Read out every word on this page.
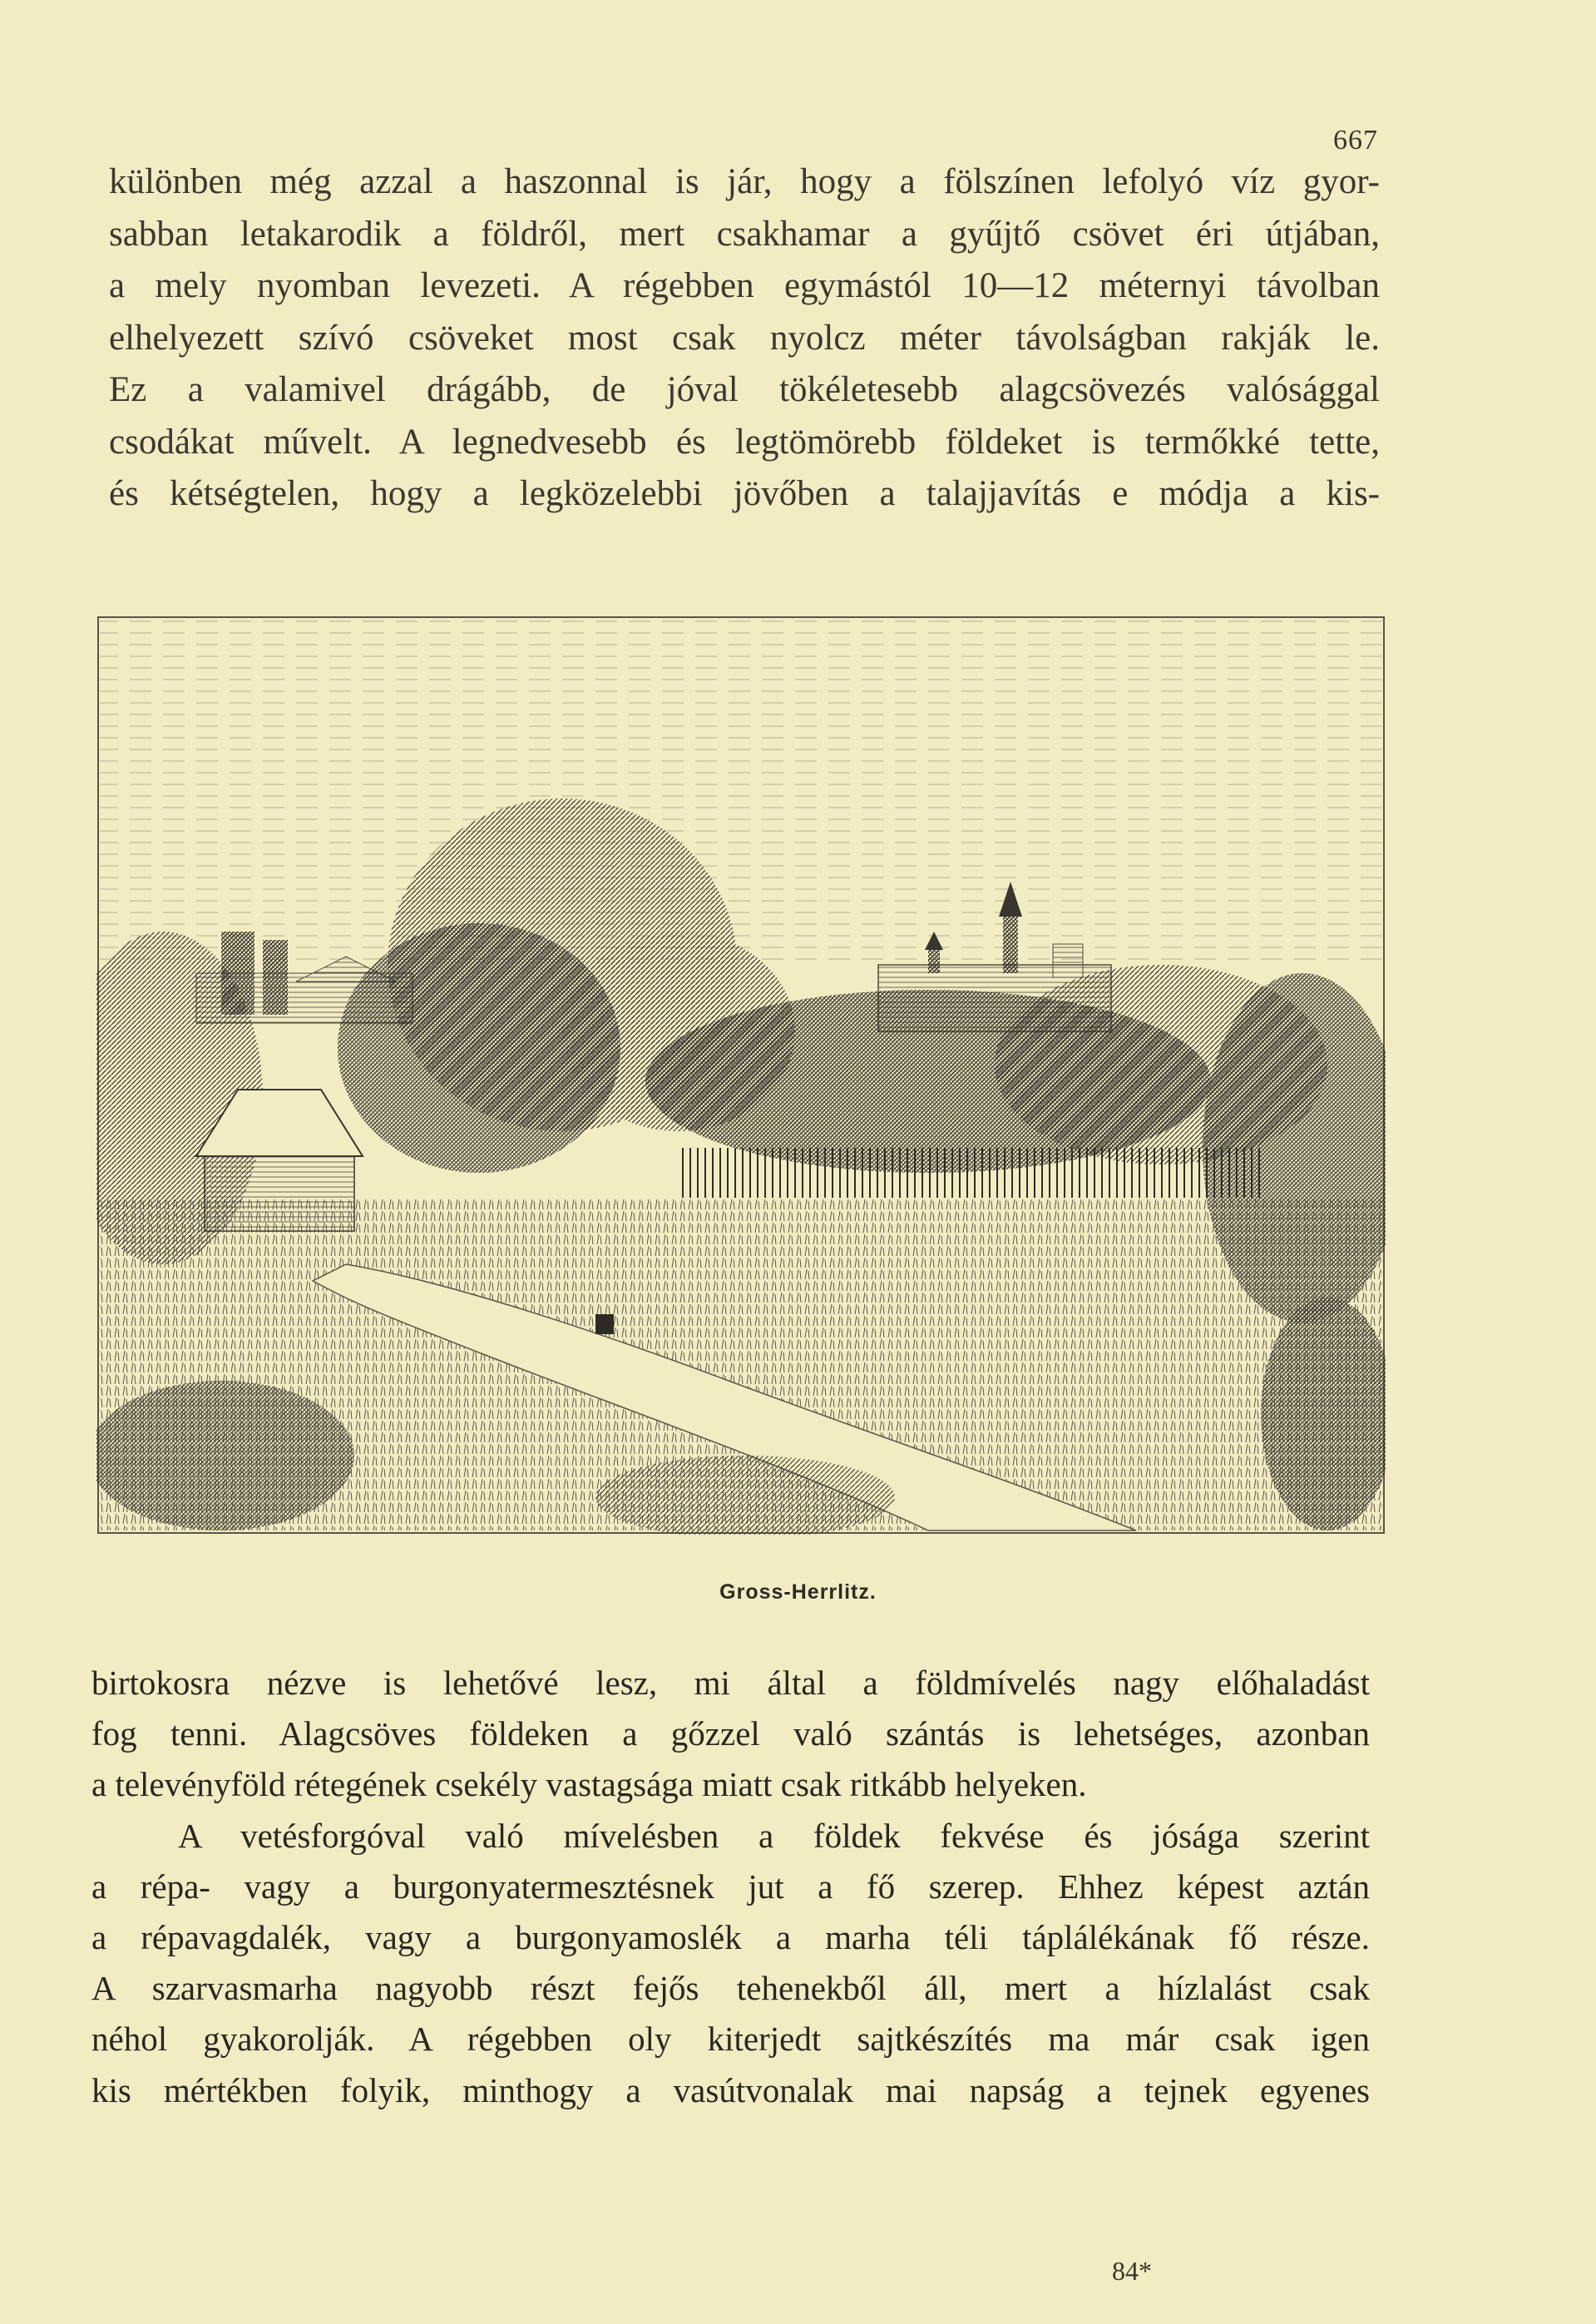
667
különben még azzal a haszonnal is jár, hogy a fölszínen lefolyó víz gyor-
sabban letakarodik a földről, mert csakhamar a gyűjtő csövet éri útjában,
a mely nyomban levezeti. A régebben egymástól 10—12 méternyi távolban
elhelyezett szívó csöveket most csak nyolcz méter távolságban rakják le.
Ez a valamivel drágább, de jóval tökéletesebb alagcsövezés valósággal
csodákat művelt. A legnedvesebb és legtömörebb földeket is termőkké tette,
és kétségtelen, hogy a legközelebbi jövőben a talajjavítás e módja a kis-
Gross-Herrlitz.
birtokosra nézve is lehetővé lesz, mi által a földmívelés nagy előhaladást
fog tenni. Alagcsöves földeken a gőzzel való szántás is lehetséges, azonban
a televényföld rétegének csekély vastagsága miatt csak ritkább helyeken.
A vetésforgóval való mívelésben a földek fekvése és jósága szerint
a répa- vagy a burgonyatermesztésnek jut a fő szerep. Ehhez képest aztán
a répavagdalék, vagy a burgonyamoslék a marha téli táplálékának fő része.
A szarvasmarha nagyobb részt fejős tehenekből áll, mert a hízlalást csak
néhol gyakorolják. A régebben oly kiterjedt sajtkészítés ma már csak igen
kis mértékben folyik, minthogy a vasútvonalak mai napság a tejnek egyenes
84*
